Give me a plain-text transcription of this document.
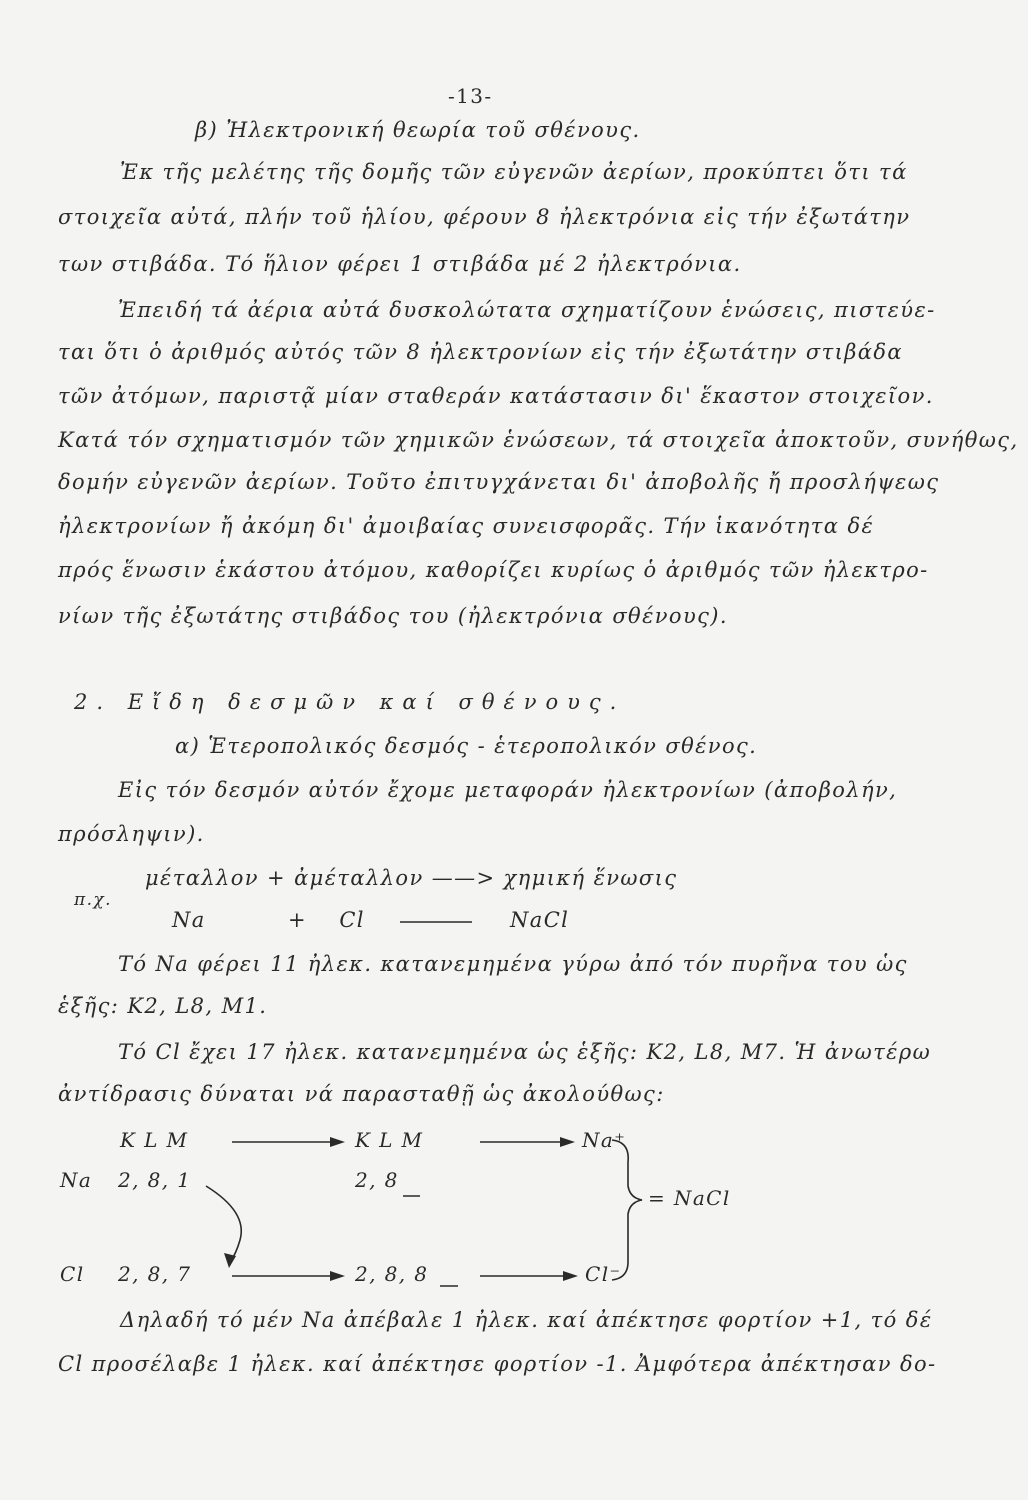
-13-
β) Ἠλεκτρονική θεωρία τοῦ σθένους.
Ἐκ τῆς μελέτης τῆς δομῆς τῶν εὐγενῶν ἀερίων, προκύπτει ὅτι τά
στοιχεῖα αὐτά, πλήν τοῦ ἡλίου, φέρουν 8 ἠλεκτρόνια εἰς τήν ἐξωτάτην
των στιβάδα. Τό ἥλιον φέρει 1 στιβάδα μέ 2 ἠλεκτρόνια.
Ἐπειδή τά ἀέρια αὐτά δυσκολώτατα σχηματίζουν ἑνώσεις, πιστεύε-
ται ὅτι ὁ ἀριθμός αὐτός τῶν 8 ἠλεκτρονίων εἰς τήν ἐξωτάτην στιβάδα
τῶν ἀτόμων, παριστᾷ μίαν σταθεράν κατάστασιν δι' ἕκαστον στοιχεῖον.
Κατά τόν σχηματισμόν τῶν χημικῶν ἑνώσεων, τά στοιχεῖα ἀποκτοῦν, συνήθως,
δομήν εὐγενῶν ἀερίων. Τοῦτο ἐπιτυγχάνεται δι' ἀποβολῆς ἤ προσλήψεως
ἠλεκτρονίων ἤ ἀκόμη δι' ἀμοιβαίας συνεισφορᾶς. Τήν ἱκανότητα δέ
πρός ἕνωσιν ἑκάστου ἀτόμου, καθορίζει κυρίως ὁ ἀριθμός τῶν ἠλεκτρο-
νίων τῆς ἐξωτάτης στιβάδος του (ἠλεκτρόνια σθένους).
2. Εἴδη δεσμῶν καί σθένους.
α) Ἑτεροπολικός δεσμός - ἑτεροπολικόν σθένος.
Εἰς τόν δεσμόν αὐτόν ἔχομε μεταφοράν ἠλεκτρονίων (ἀποβολήν,
πρόσληψιν).
μέταλλον + ἀμέταλλον ——> χημική ἕνωσις
π.χ.
Na	+ Cl	NaCl
Τό Na φέρει 11 ἠλεκ. κατανεμημένα γύρω ἀπό τόν πυρῆνα του ὡς
ἑξῆς: K2, L8, M1.
Τό Cl ἔχει 17 ἠλεκ. κατανεμημένα ὡς ἑξῆς: K2, L8, M7. Ἡ ἀνωτέρω
ἀντίδρασις δύναται νά παρασταθῇ ὡς ἀκολούθως:
K L M	K L M	Na⁺
Na 2, 8, 1	2, 8
= NaCl
Cl 2, 8, 7	2, 8, 8	Cl⁻
Δηλαδή τό μέν Na ἀπέβαλε 1 ἠλεκ. καί ἀπέκτησε φορτίον +1, τό δέ
Cl προσέλαβε 1 ἠλεκ. καί ἀπέκτησε φορτίον -1. Ἀμφότερα ἀπέκτησαν δο-
